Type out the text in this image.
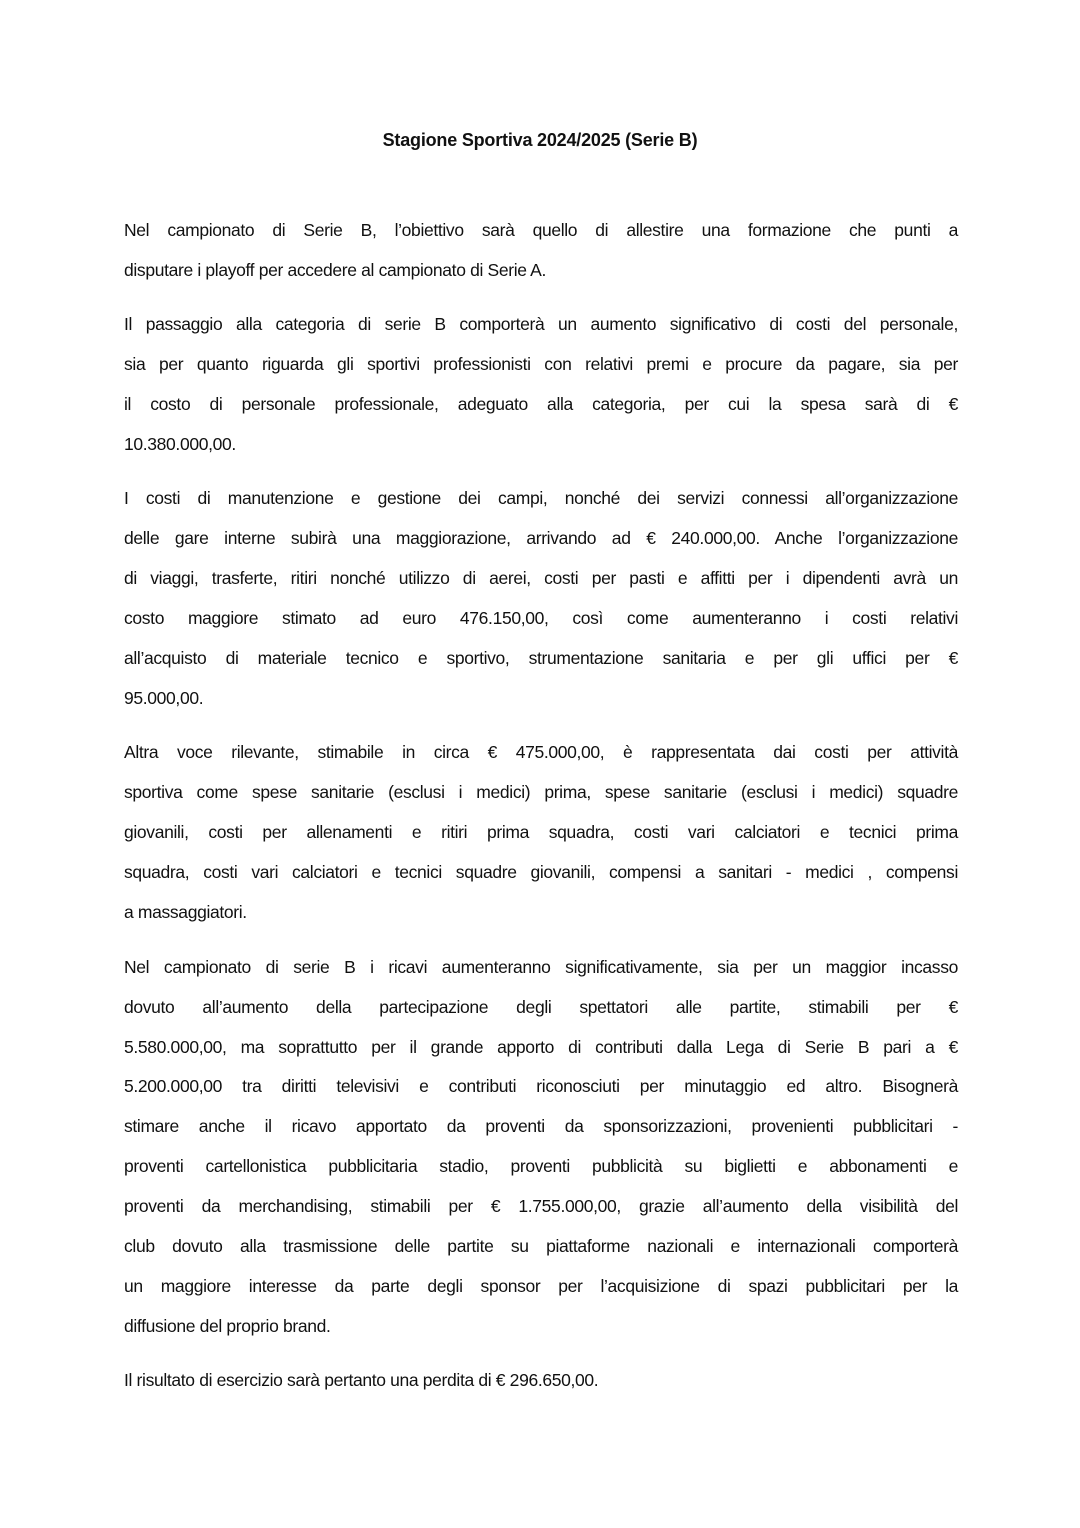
Stagione Sportiva 2024/2025 (Serie B)
Nel campionato di Serie B, l’obiettivo sarà quello di allestire una formazione che punti a
disputare i playoff per accedere al campionato di Serie A.
Il passaggio alla categoria di serie B comporterà un aumento significativo di costi del personale,
sia per quanto riguarda gli sportivi professionisti con relativi premi e procure da pagare, sia per
il costo di personale professionale, adeguato alla categoria, per cui la spesa sarà di €
10.380.000,00.
I costi di manutenzione e gestione dei campi, nonché dei servizi connessi all’organizzazione
delle gare interne subirà una maggiorazione, arrivando ad € 240.000,00. Anche l’organizzazione
di viaggi, trasferte, ritiri nonché utilizzo di aerei, costi per pasti e affitti per i dipendenti avrà un
costo maggiore stimato ad euro 476.150,00, così come aumenteranno i costi relativi
all’acquisto di materiale tecnico e sportivo, strumentazione sanitaria e per gli uffici per €
95.000,00.
Altra voce rilevante, stimabile in circa € 475.000,00, è rappresentata dai costi per attività
sportiva come spese sanitarie (esclusi i medici) prima, spese sanitarie (esclusi i medici) squadre
giovanili, costi per allenamenti e ritiri prima squadra, costi vari calciatori e tecnici prima
squadra, costi vari calciatori e tecnici squadre giovanili, compensi a sanitari - medici , compensi
a massaggiatori.
Nel campionato di serie B i ricavi aumenteranno significativamente, sia per un maggior incasso
dovuto all’aumento della partecipazione degli spettatori alle partite, stimabili per €
5.580.000,00, ma soprattutto per il grande apporto di contributi dalla Lega di Serie B pari a €
5.200.000,00 tra diritti televisivi e contributi riconosciuti per minutaggio ed altro. Bisognerà
stimare anche il ricavo apportato da proventi da sponsorizzazioni, provenienti pubblicitari -
proventi cartellonistica pubblicitaria stadio, proventi pubblicità su biglietti e abbonamenti e
proventi da merchandising, stimabili per € 1.755.000,00, grazie all’aumento della visibilità del
club dovuto alla trasmissione delle partite su piattaforme nazionali e internazionali comporterà
un maggiore interesse da parte degli sponsor per l’acquisizione di spazi pubblicitari per la
diffusione del proprio brand.
Il risultato di esercizio sarà pertanto una perdita di € 296.650,00.
